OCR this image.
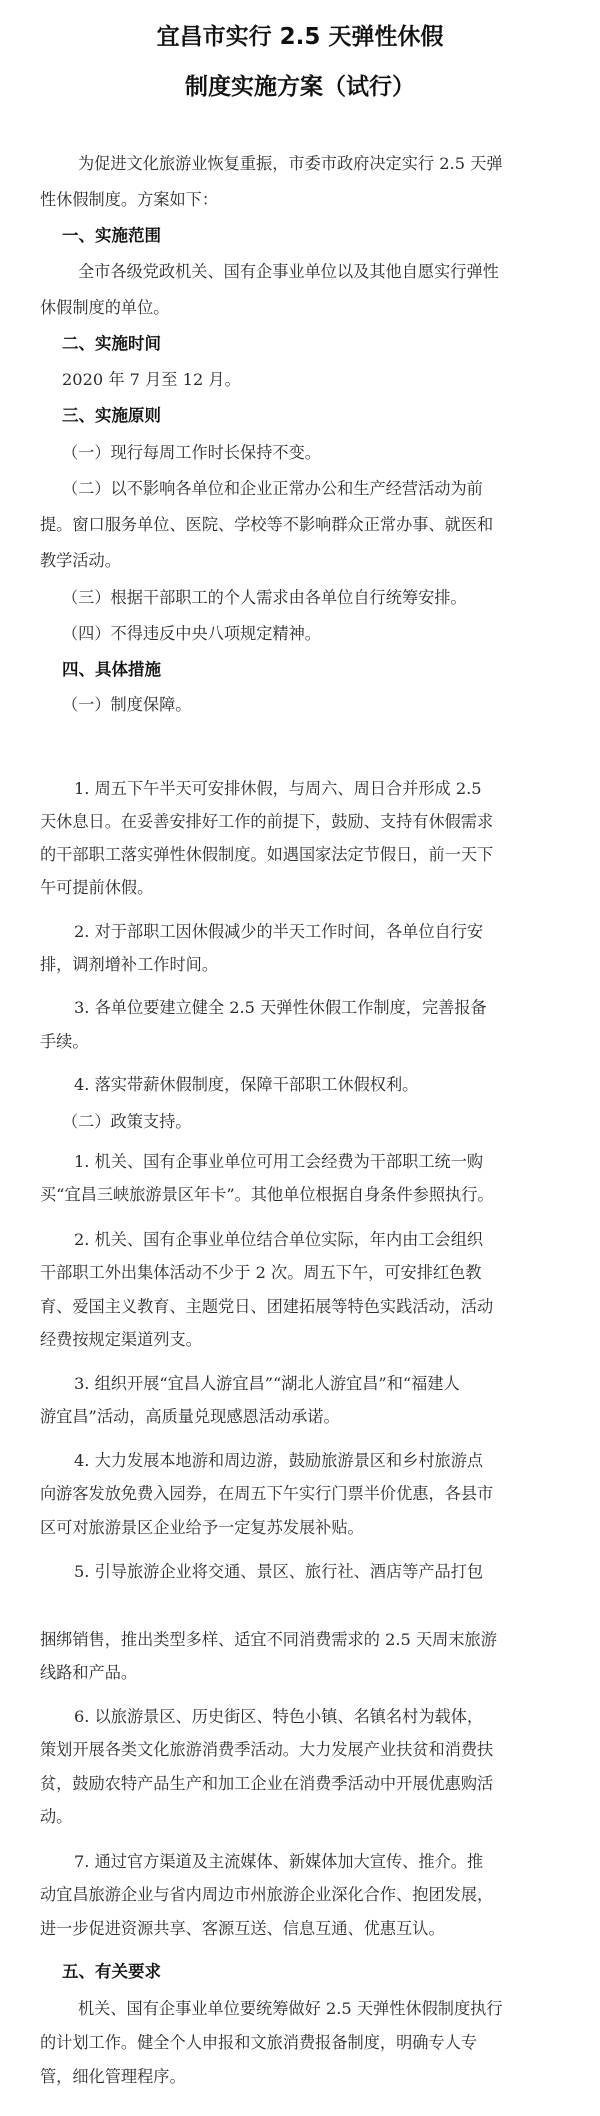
宜昌市实行 2.5 天弹性休假
制度实施方案（试行）
为促进文化旅游业恢复重振，市委市政府决定实行 2.5 天弹
性休假制度。方案如下：
一、实施范围
全市各级党政机关、国有企事业单位以及其他自愿实行弹性
休假制度的单位。
二、实施时间
2020 年 7 月至 12 月。
三、实施原则
（一）现行每周工作时长保持不变。
（二）以不影响各单位和企业正常办公和生产经营活动为前
提。窗口服务单位、医院、学校等不影响群众正常办事、就医和
教学活动。
（三）根据干部职工的个人需求由各单位自行统筹安排。
（四）不得违反中央八项规定精神。
四、具体措施
（一）制度保障。
1. 周五下午半天可安排休假，与周六、周日合并形成 2.5
天休息日。在妥善安排好工作的前提下，鼓励、支持有休假需求
的干部职工落实弹性休假制度。如遇国家法定节假日，前一天下
午可提前休假。
2. 对于部职工因休假减少的半天工作时间，各单位自行安
排，调剂增补工作时间。
3. 各单位要建立健全 2.5 天弹性休假工作制度，完善报备
手续。
4. 落实带薪休假制度，保障干部职工休假权利。
（二）政策支持。
1. 机关、国有企事业单位可用工会经费为干部职工统一购
买“宜昌三峡旅游景区年卡”。其他单位根据自身条件参照执行。
2. 机关、国有企事业单位结合单位实际，年内由工会组织
干部职工外出集体活动不少于 2 次。周五下午，可安排红色教
育、爱国主义教育、主题党日、团建拓展等特色实践活动，活动
经费按规定渠道列支。
3. 组织开展“宜昌人游宜昌”“湖北人游宜昌”和“福建人
游宜昌”活动，高质量兑现感恩活动承诺。
4. 大力发展本地游和周边游，鼓励旅游景区和乡村旅游点
向游客发放免费入园券，在周五下午实行门票半价优惠，各县市
区可对旅游景区企业给予一定复苏发展补贴。
5. 引导旅游企业将交通、景区、旅行社、酒店等产品打包
捆绑销售，推出类型多样、适宜不同消费需求的 2.5 天周末旅游
线路和产品。
6. 以旅游景区、历史街区、特色小镇、名镇名村为载体，
策划开展各类文化旅游消费季活动。大力发展产业扶贫和消费扶
贫，鼓励农特产品生产和加工企业在消费季活动中开展优惠购活
动。
7. 通过官方渠道及主流媒体、新媒体加大宣传、推介。推
动宜昌旅游企业与省内周边市州旅游企业深化合作、抱团发展，
进一步促进资源共享、客源互送、信息互通、优惠互认。
五、有关要求
机关、国有企事业单位要统筹做好 2.5 天弹性休假制度执行
的计划工作。健全个人申报和文旅消费报备制度，明确专人专
管，细化管理程序。
